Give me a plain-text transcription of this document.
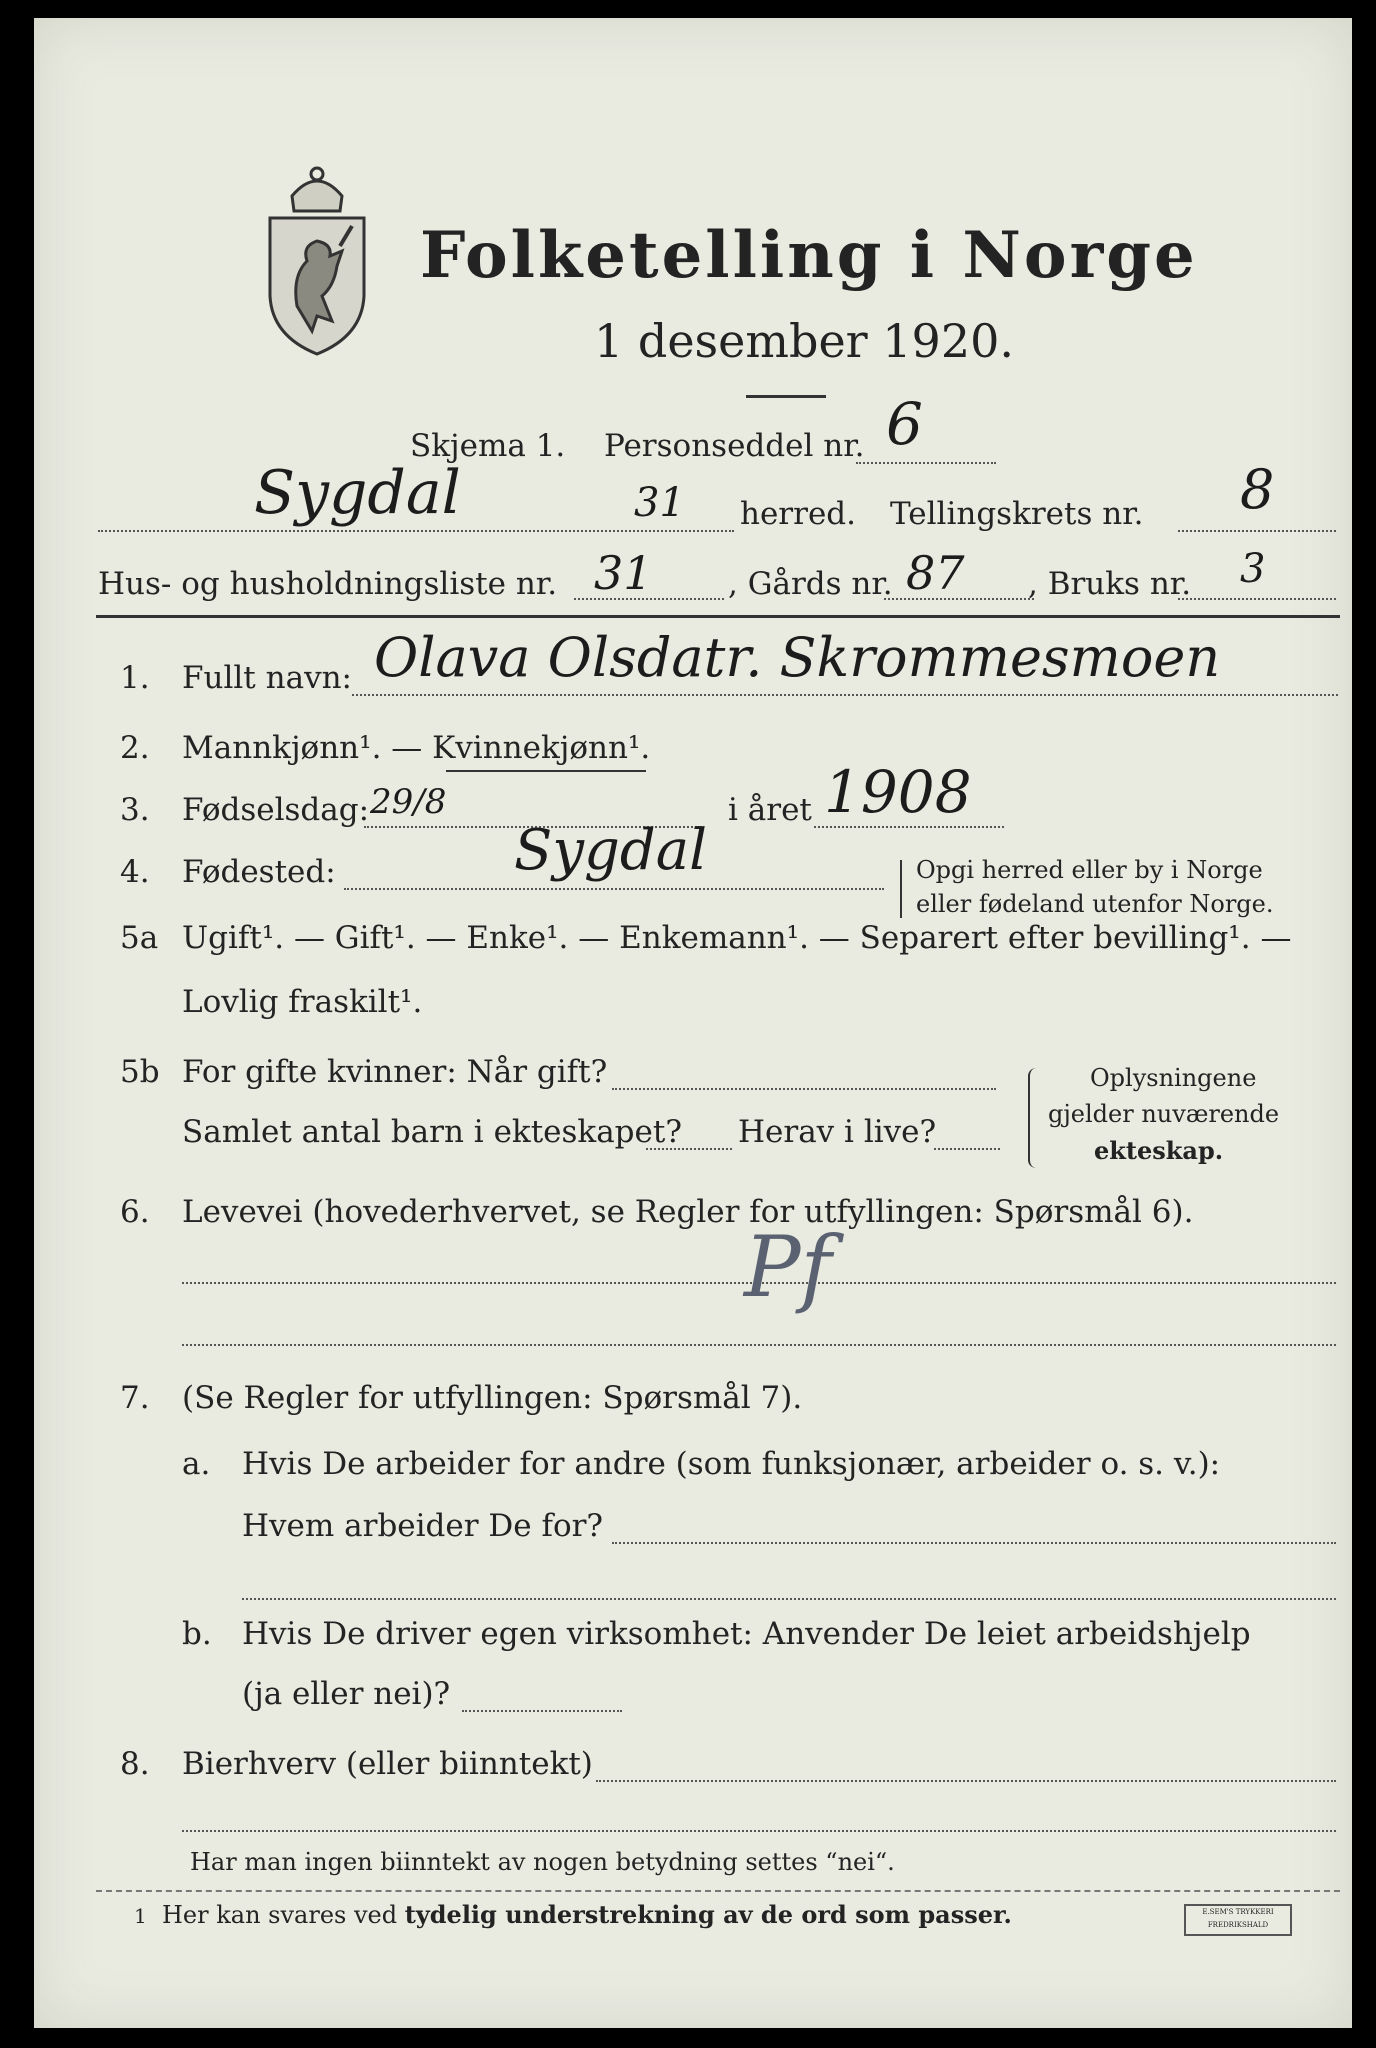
Folketelling i Norge
1 desember 1920.
Skjema 1. Personseddel nr. 6
Sygdal	31 herred. Tellingskrets nr. 8
Hus- og husholdningsliste nr. 31 , Gårds nr. 87 , Bruks nr. 3
1. Fullt navn: Olava Olsdatr. Skrommesmoen
2. Mannkjønn¹. — Kvinnekjønn¹.
3. Fødselsdag: 29/8	i året 1908
4. Fødested:	Sygdal	Opgi herred eller by i Norge
eller fødeland utenfor Norge.
5a Ugift¹. — Gift¹. — Enke¹. — Enkemann¹. — Separert efter bevilling¹. —
Lovlig fraskilt¹.
5b For gifte kvinner: Når gift?
Samlet antal barn i ekteskapet? Herav i live?
Oplysningene
gjelder nuværende
ekteskap.
6. Levevei (hovederhvervet, se Regler for utfyllingen: Spørsmål 6).
Pf
7. (Se Regler for utfyllingen: Spørsmål 7).
a. Hvis De arbeider for andre (som funksjonær, arbeider o. s. v.):
Hvem arbeider De for?
b. Hvis De driver egen virksomhet: Anvender De leiet arbeidshjelp
(ja eller nei)?
8. Bierhverv (eller biinntekt)
Har man ingen biinntekt av nogen betydning settes “nei“.
1 Her kan svares ved tydelig understrekning av de ord som passer.	E.SEM'S TRYKKERI FREDRIKSHALD
